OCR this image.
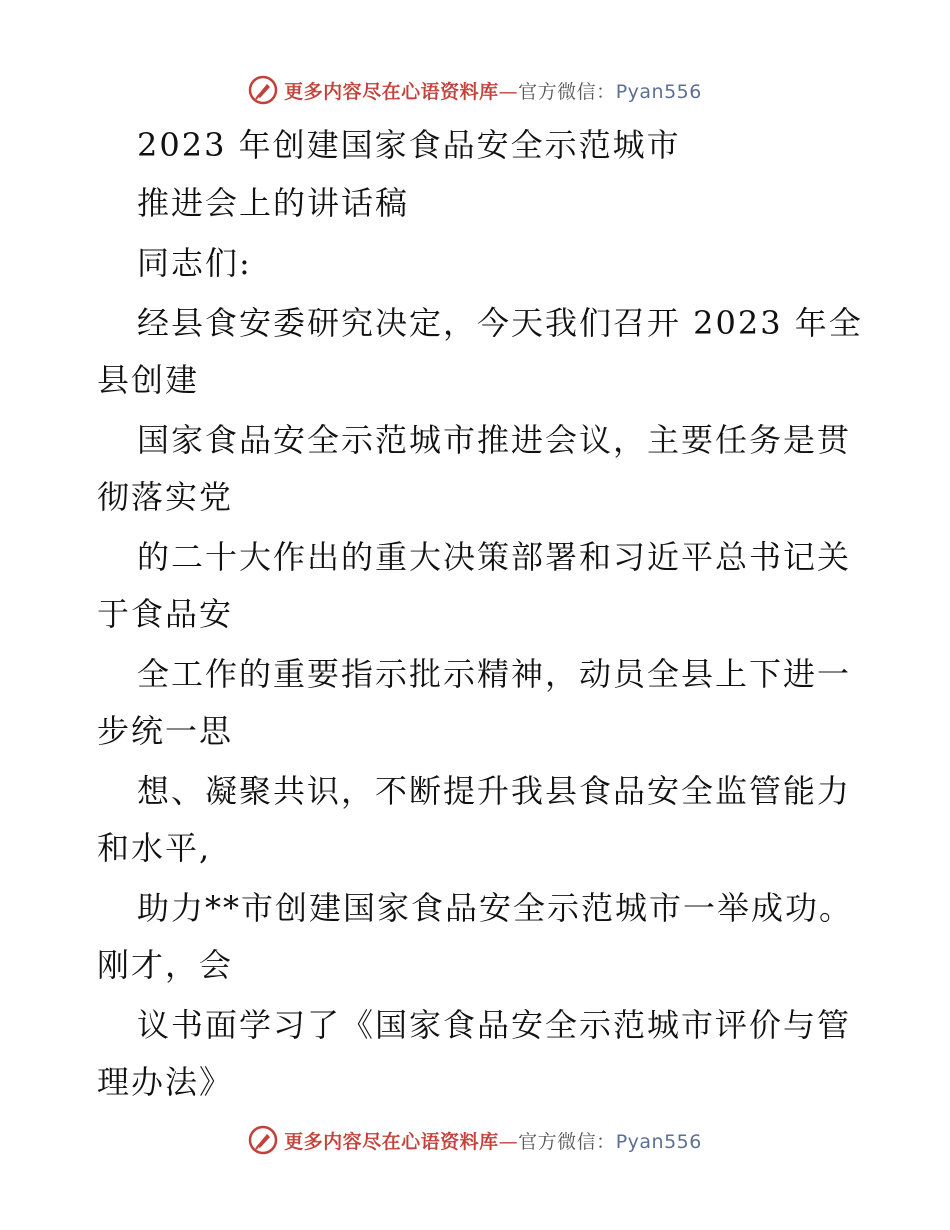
更多内容尽在心语资料库—官方微信：Pyan556
2023 年创建国家食品安全示范城市
推进会上的讲话稿
同志们:
经县食安委研究决定，今天我们召开 2023 年全
县创建
国家食品安全示范城市推进会议，主要任务是贯
彻落实党
的二十大作出的重大决策部署和习近平总书记关
于食品安
全工作的重要指示批示精神，动员全县上下进一
步统一思
想、凝聚共识，不断提升我县食品安全监管能力
和水平,
助力**市创建国家食品安全示范城市一举成功。
刚才，会
议书面学习了《国家食品安全示范城市评价与管
理办法》
更多内容尽在心语资料库—官方微信：Pyan556
